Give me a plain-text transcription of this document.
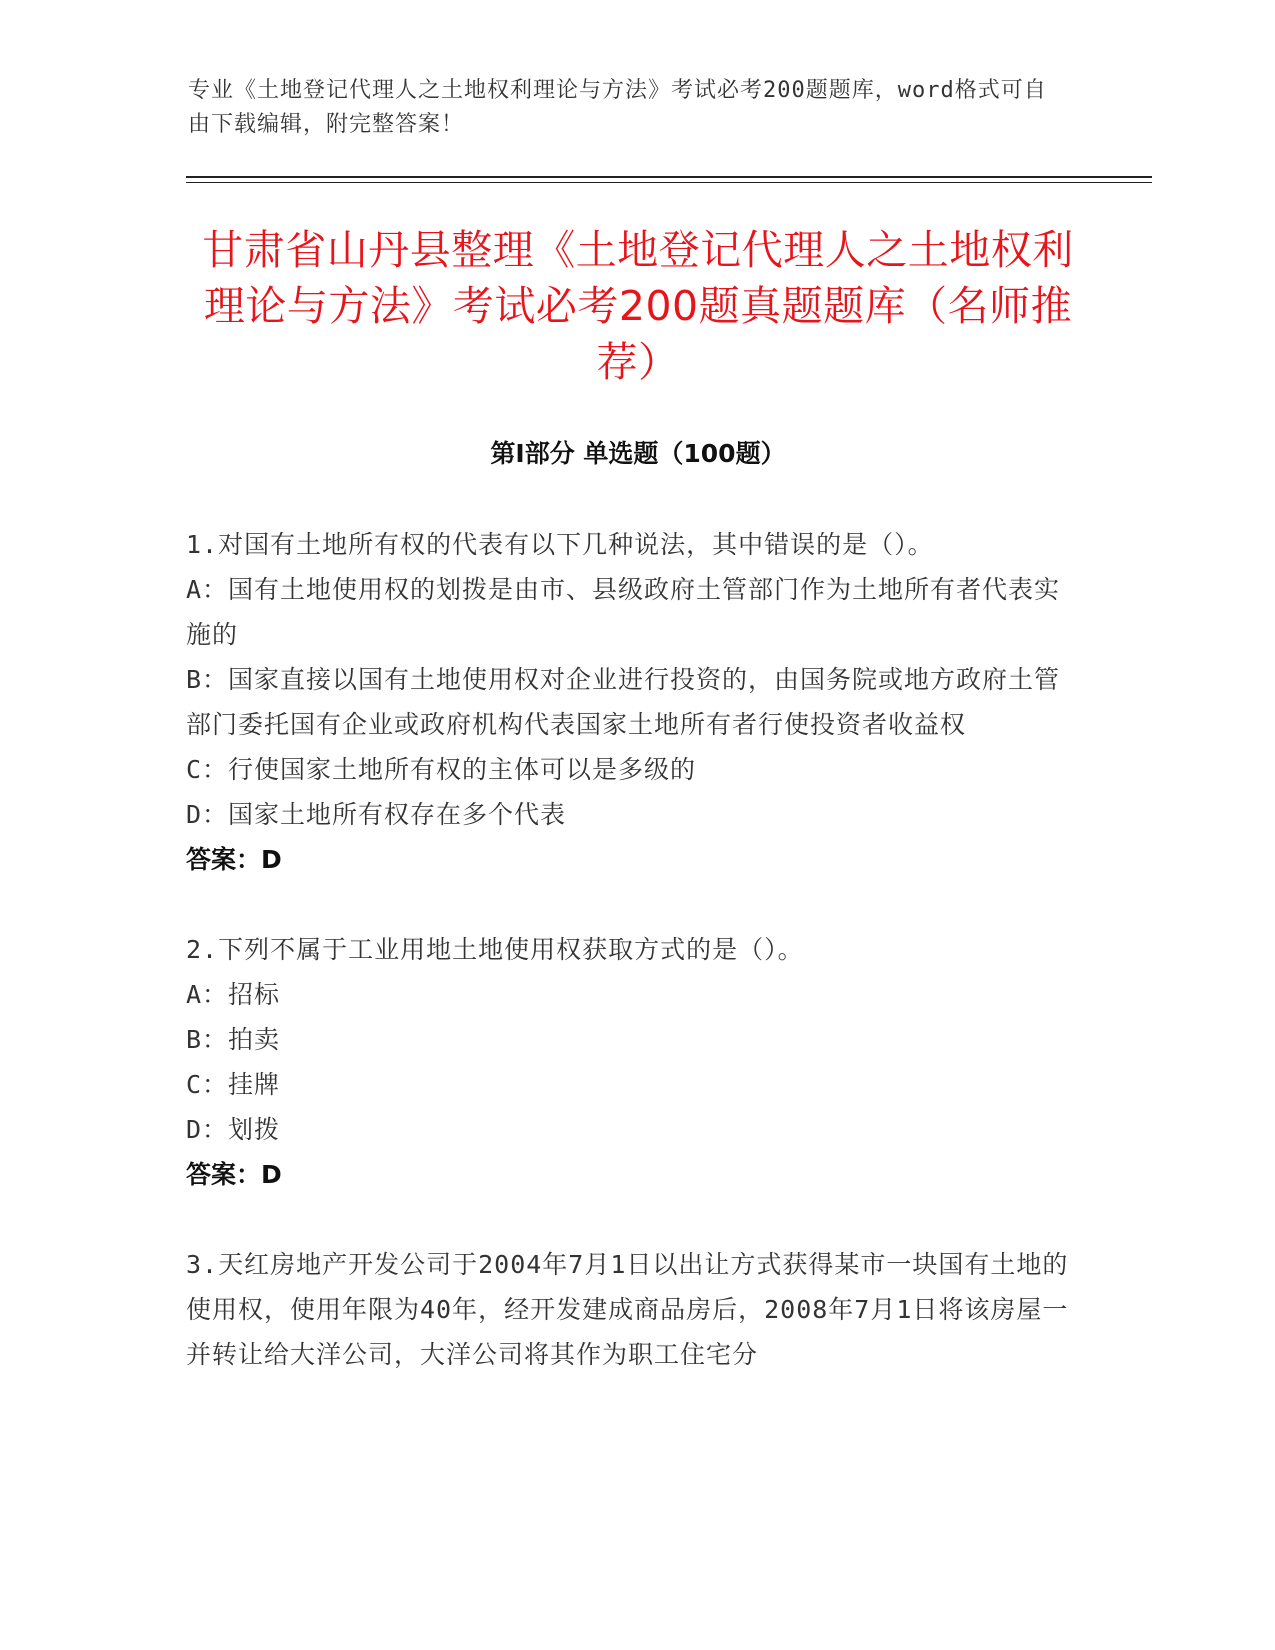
专业《土地登记代理人之土地权利理论与方法》考试必考200题题库，word格式可自由下载编辑，附完整答案！
甘肃省山丹县整理《土地登记代理人之土地权利理论与方法》考试必考200题真题题库（名师推荐）
第Ⅰ部分 单选题（100题）
1.对国有土地所有权的代表有以下几种说法，其中错误的是（）。
A：国有土地使用权的划拨是由市、县级政府土管部门作为土地所有者代表实施的
B：国家直接以国有土地使用权对企业进行投资的，由国务院或地方政府土管部门委托国有企业或政府机构代表国家土地所有者行使投资者收益权
C：行使国家土地所有权的主体可以是多级的
D：国家土地所有权存在多个代表
答案：D
2.下列不属于工业用地土地使用权获取方式的是（）。
A：招标
B：拍卖
C：挂牌
D：划拨
答案：D
3.天红房地产开发公司于2004年7月1日以出让方式获得某市一块国有土地的使用权，使用年限为40年，经开发建成商品房后，2008年7月1日将该房屋一并转让给大洋公司，大洋公司将其作为职工住宅分
